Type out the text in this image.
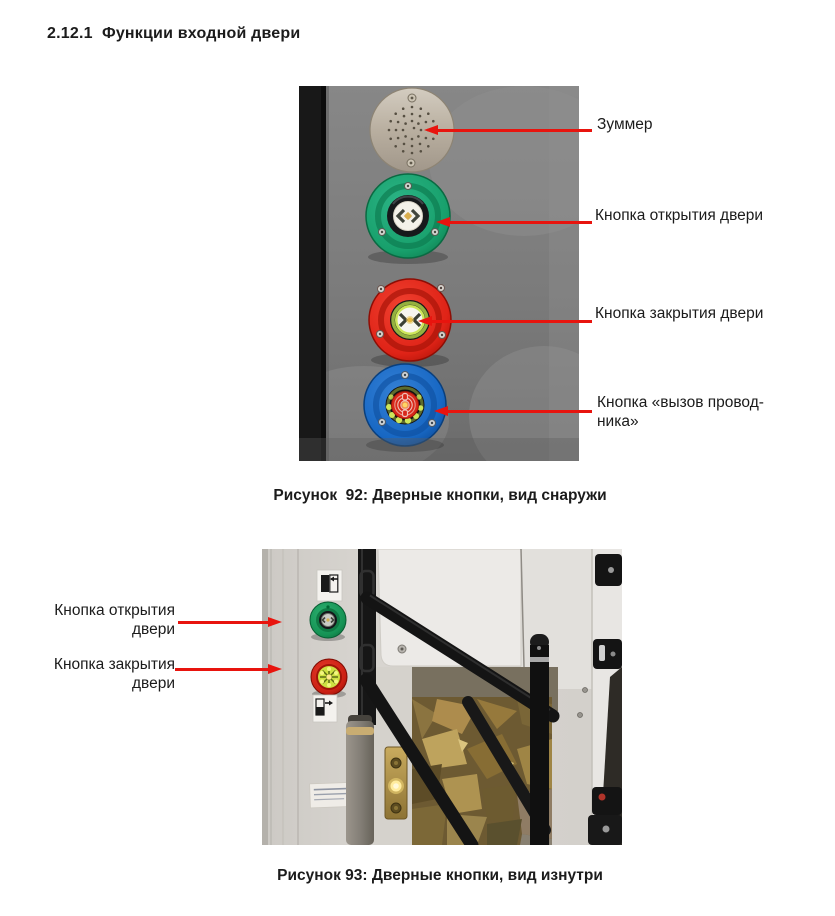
2.12.1  Функции входной двери
Зуммер
Кнопка открытия двери
Кнопка закрытия двери
Кнопка «вызов провод-
ника»
Рисунок  92: Дверные кнопки, вид снаружи
Кнопка открытия
двери
Кнопка закрытия
двери
Рисунок 93: Дверные кнопки, вид изнутри
